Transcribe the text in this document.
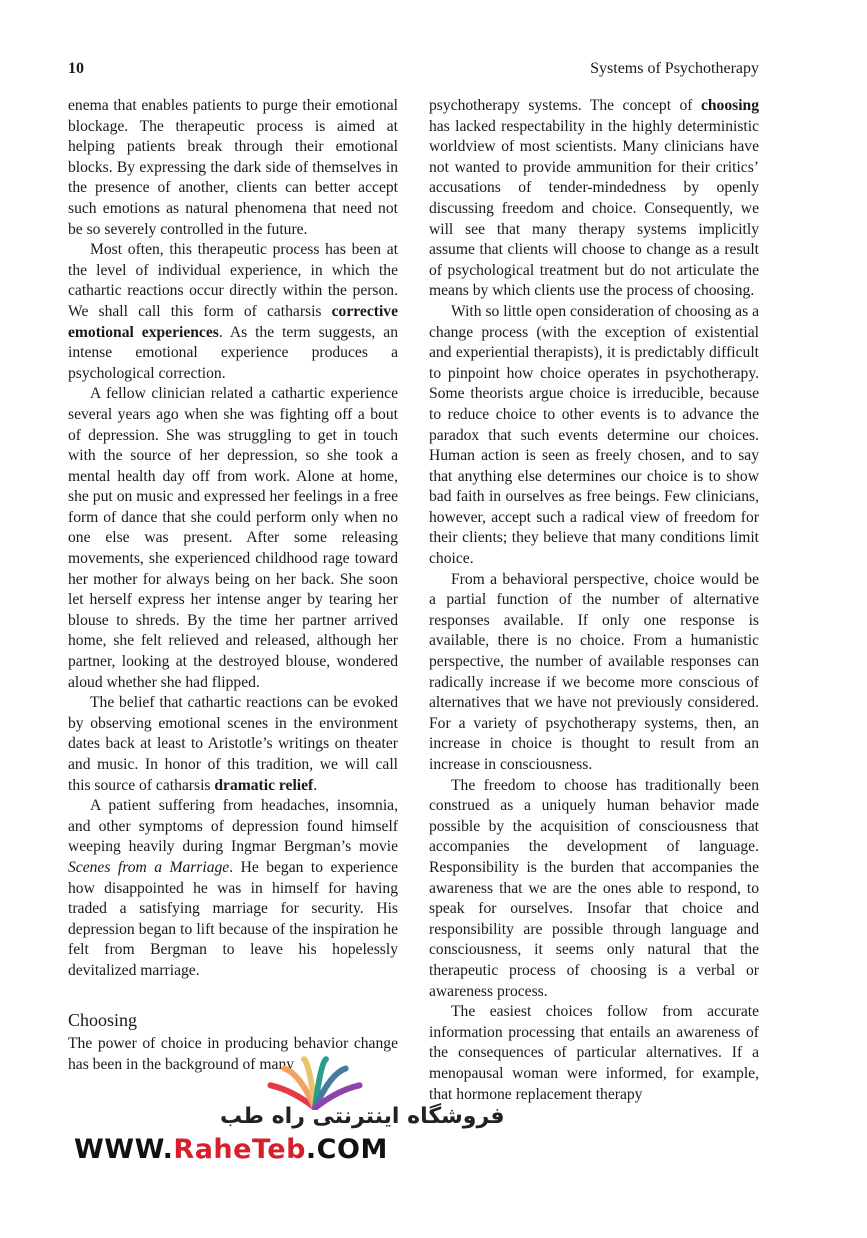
10	Systems of Psychotherapy

enema that enables patients to purge their emotional blockage. The therapeutic process is aimed at helping patients break through their emotional blocks. By expressing the dark side of themselves in the presence of another, clients can better accept such emotions as natural phenomena that need not be so severely controlled in the future.

Most often, this therapeutic process has been at the level of individual experience, in which the cathartic reactions occur directly within the person. We shall call this form of catharsis corrective emotional experiences. As the term suggests, an intense emotional experience produces a psychological correction.

A fellow clinician related a cathartic experience several years ago when she was fighting off a bout of depression. She was struggling to get in touch with the source of her depression, so she took a mental health day off from work. Alone at home, she put on music and expressed her feelings in a free form of dance that she could perform only when no one else was present. After some releasing movements, she experienced childhood rage toward her mother for always being on her back. She soon let herself express her intense anger by tearing her blouse to shreds. By the time her partner arrived home, she felt relieved and released, although her partner, looking at the destroyed blouse, wondered aloud whether she had flipped.

The belief that cathartic reactions can be evoked by observing emotional scenes in the environment dates back at least to Aristotle’s writings on theater and music. In honor of this tradition, we will call this source of catharsis dramatic relief.

A patient suffering from headaches, insomnia, and other symptoms of depression found himself weeping heavily during Ingmar Bergman’s movie Scenes from a Marriage. He began to experience how disappointed he was in himself for having traded a satisfying marriage for security. His depression began to lift because of the inspiration he felt from Bergman to leave his hopelessly devitalized marriage.

Choosing

The power of choice in producing behavior change has been in the background of many

psychotherapy systems. The concept of choosing has lacked respectability in the highly deterministic worldview of most scientists. Many clinicians have not wanted to provide ammunition for their critics’ accusations of tender-mindedness by openly discussing freedom and choice. Consequently, we will see that many therapy systems implicitly assume that clients will choose to change as a result of psychological treatment but do not articulate the means by which clients use the process of choosing.

With so little open consideration of choosing as a change process (with the exception of existential and experiential therapists), it is predictably difficult to pinpoint how choice operates in psychotherapy. Some theorists argue choice is irreducible, because to reduce choice to other events is to advance the paradox that such events determine our choices. Human action is seen as freely chosen, and to say that anything else determines our choice is to show bad faith in ourselves as free beings. Few clinicians, however, accept such a radical view of freedom for their clients; they believe that many conditions limit choice.

From a behavioral perspective, choice would be a partial function of the number of alternative responses available. If only one response is available, there is no choice. From a humanistic perspective, the number of available responses can radically increase if we become more conscious of alternatives that we have not previously considered. For a variety of psychotherapy systems, then, an increase in choice is thought to result from an increase in consciousness.

The freedom to choose has traditionally been construed as a uniquely human behavior made possible by the acquisition of consciousness that accompanies the development of language. Responsibility is the burden that accompanies the awareness that we are the ones able to respond, to speak for ourselves. Insofar that choice and responsibility are possible through language and consciousness, it seems only natural that the therapeutic process of choosing is a verbal or awareness process.

The easiest choices follow from accurate information processing that entails an awareness of the consequences of particular alternatives. If a menopausal woman were informed, for example, that hormone replacement therapy

فروشگاه اینترنتی راه طب
WWW.RaheTeb.COM
